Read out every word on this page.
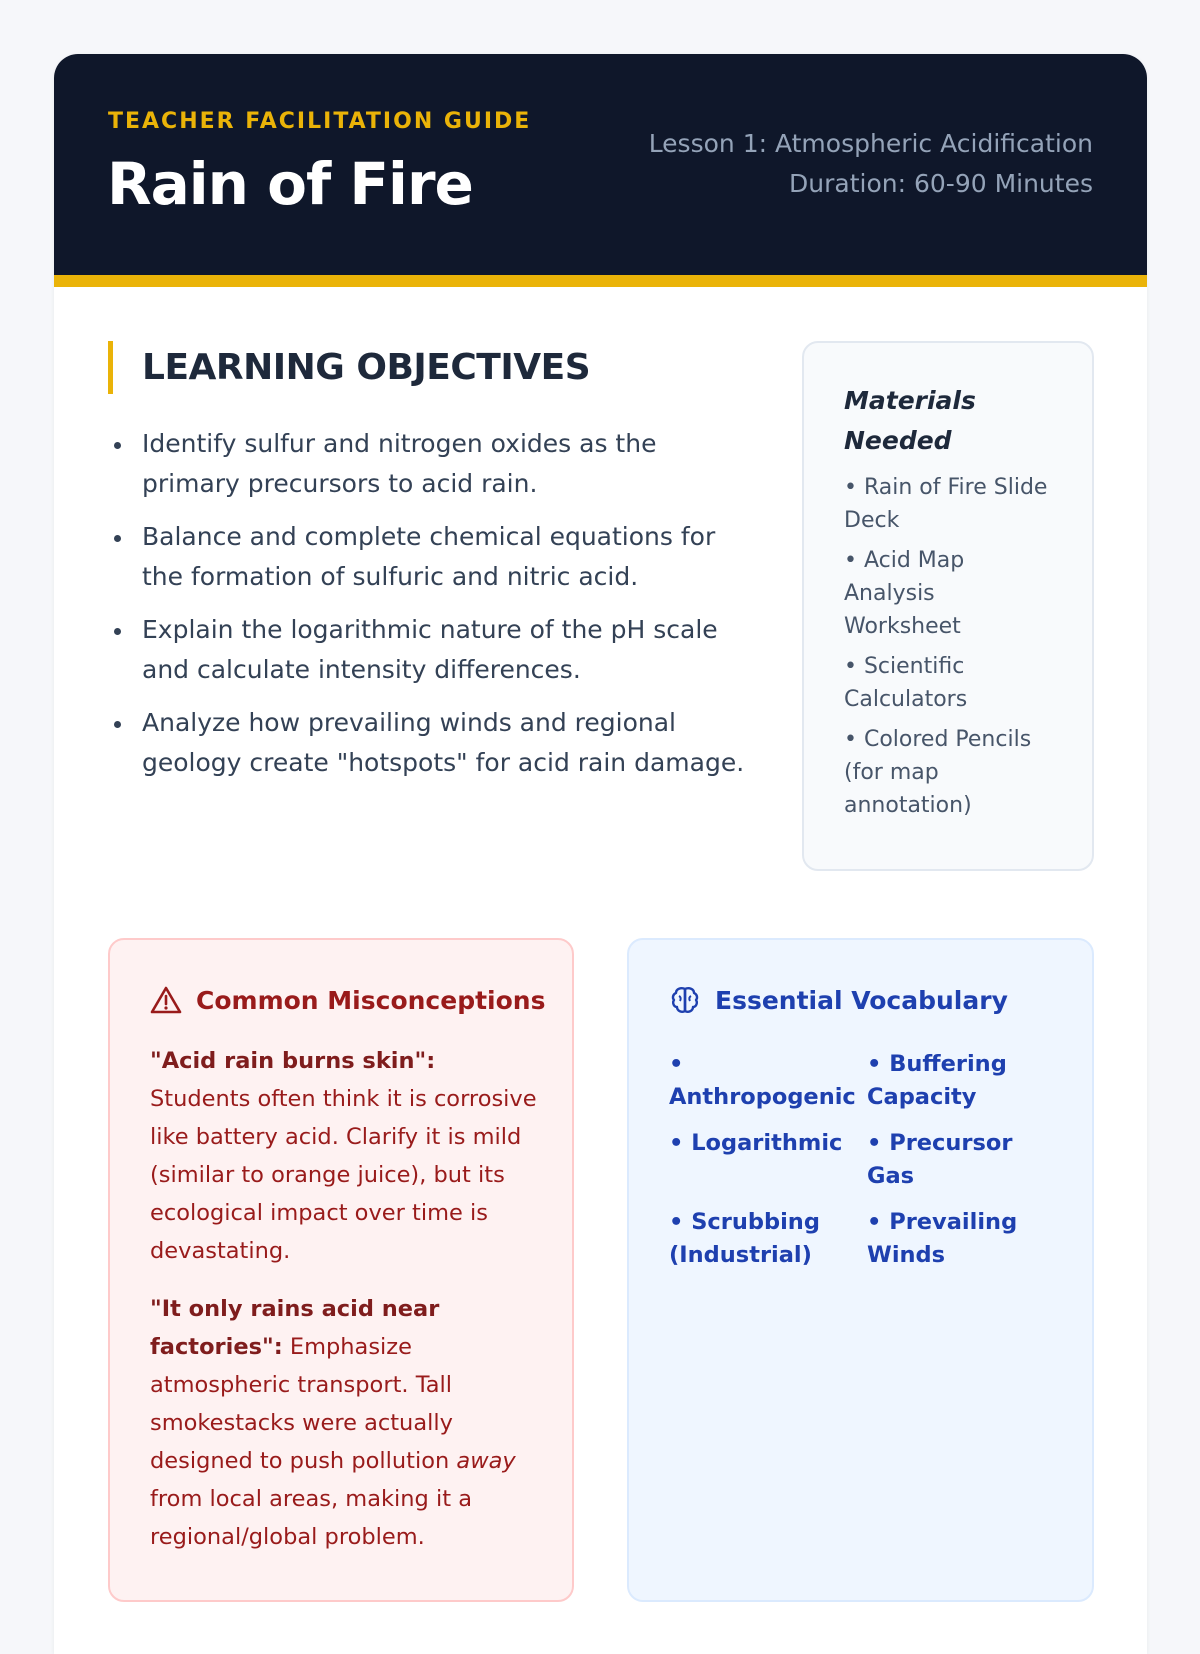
TEACHER FACILITATION GUIDE
Rain of Fire
Lesson 1: Atmospheric Acidification
Duration: 60-90 Minutes
LEARNING OBJECTIVES
Identify sulfur and nitrogen oxides as the primary precursors to acid rain.
Balance and complete chemical equations for the formation of sulfuric and nitric acid.
Explain the logarithmic nature of the pH scale and calculate intensity differences.
Analyze how prevailing winds and regional geology create "hotspots" for acid rain damage.
Materials Needed
• Rain of Fire Slide Deck
• Acid Map Analysis Worksheet
• Scientific Calculators
• Colored Pencils (for map annotation)
Common Misconceptions

"Acid rain burns skin": Students often think it is corrosive like battery acid. Clarify it is mild (similar to orange juice), but its ecological impact over time is devastating.

"It only rains acid near factories": Emphasize atmospheric transport. Tall smokestacks were actually designed to push pollution away from local areas, making it a regional/global problem.

Essential Vocabulary
• Anthropogenic
• Buffering Capacity
• Logarithmic	• Precursor Gas
• Scrubbing (Industrial)
• Prevailing Winds
